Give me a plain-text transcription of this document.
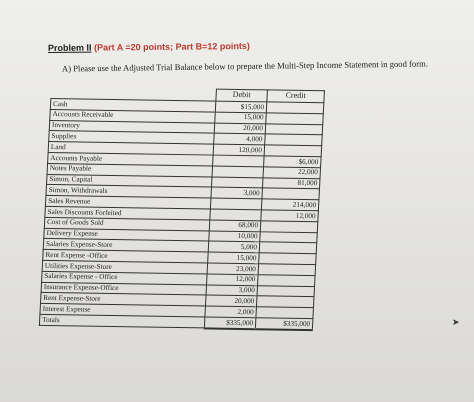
Problem II (Part A =20 points; Part B=12 points)
A) Please use the Adjusted Trial Balance below to prepare the Multi-Step Income Statement in good form.
	Debit	Credit
Cash	$15,000	
Accounts Receivable	15,000	
Inventory	20,000	
Supplies	4,000	
Land	120,000	
Accounts Payable		$6,000
Notes Payable		22,000
Simon, Capital		81,000
Simon, Withdrawals	3,000	
Sales Revenue		214,000
Sales Discounts Forfeited		12,000
Cost of Goods Sold	68,000	
Delivery Expense	10,000	
Salaries Expense-Store	5,000	
Rent Expense -Office	15,000	
Utilities Expense-Store	23,000	
Salaries Expense - Office	12,000	
Insurance Expense-Office	3,000	
Rent Expense-Store	20,000	
Interest Expense	2,000	
Totals	$335,000	$335,000	➤
